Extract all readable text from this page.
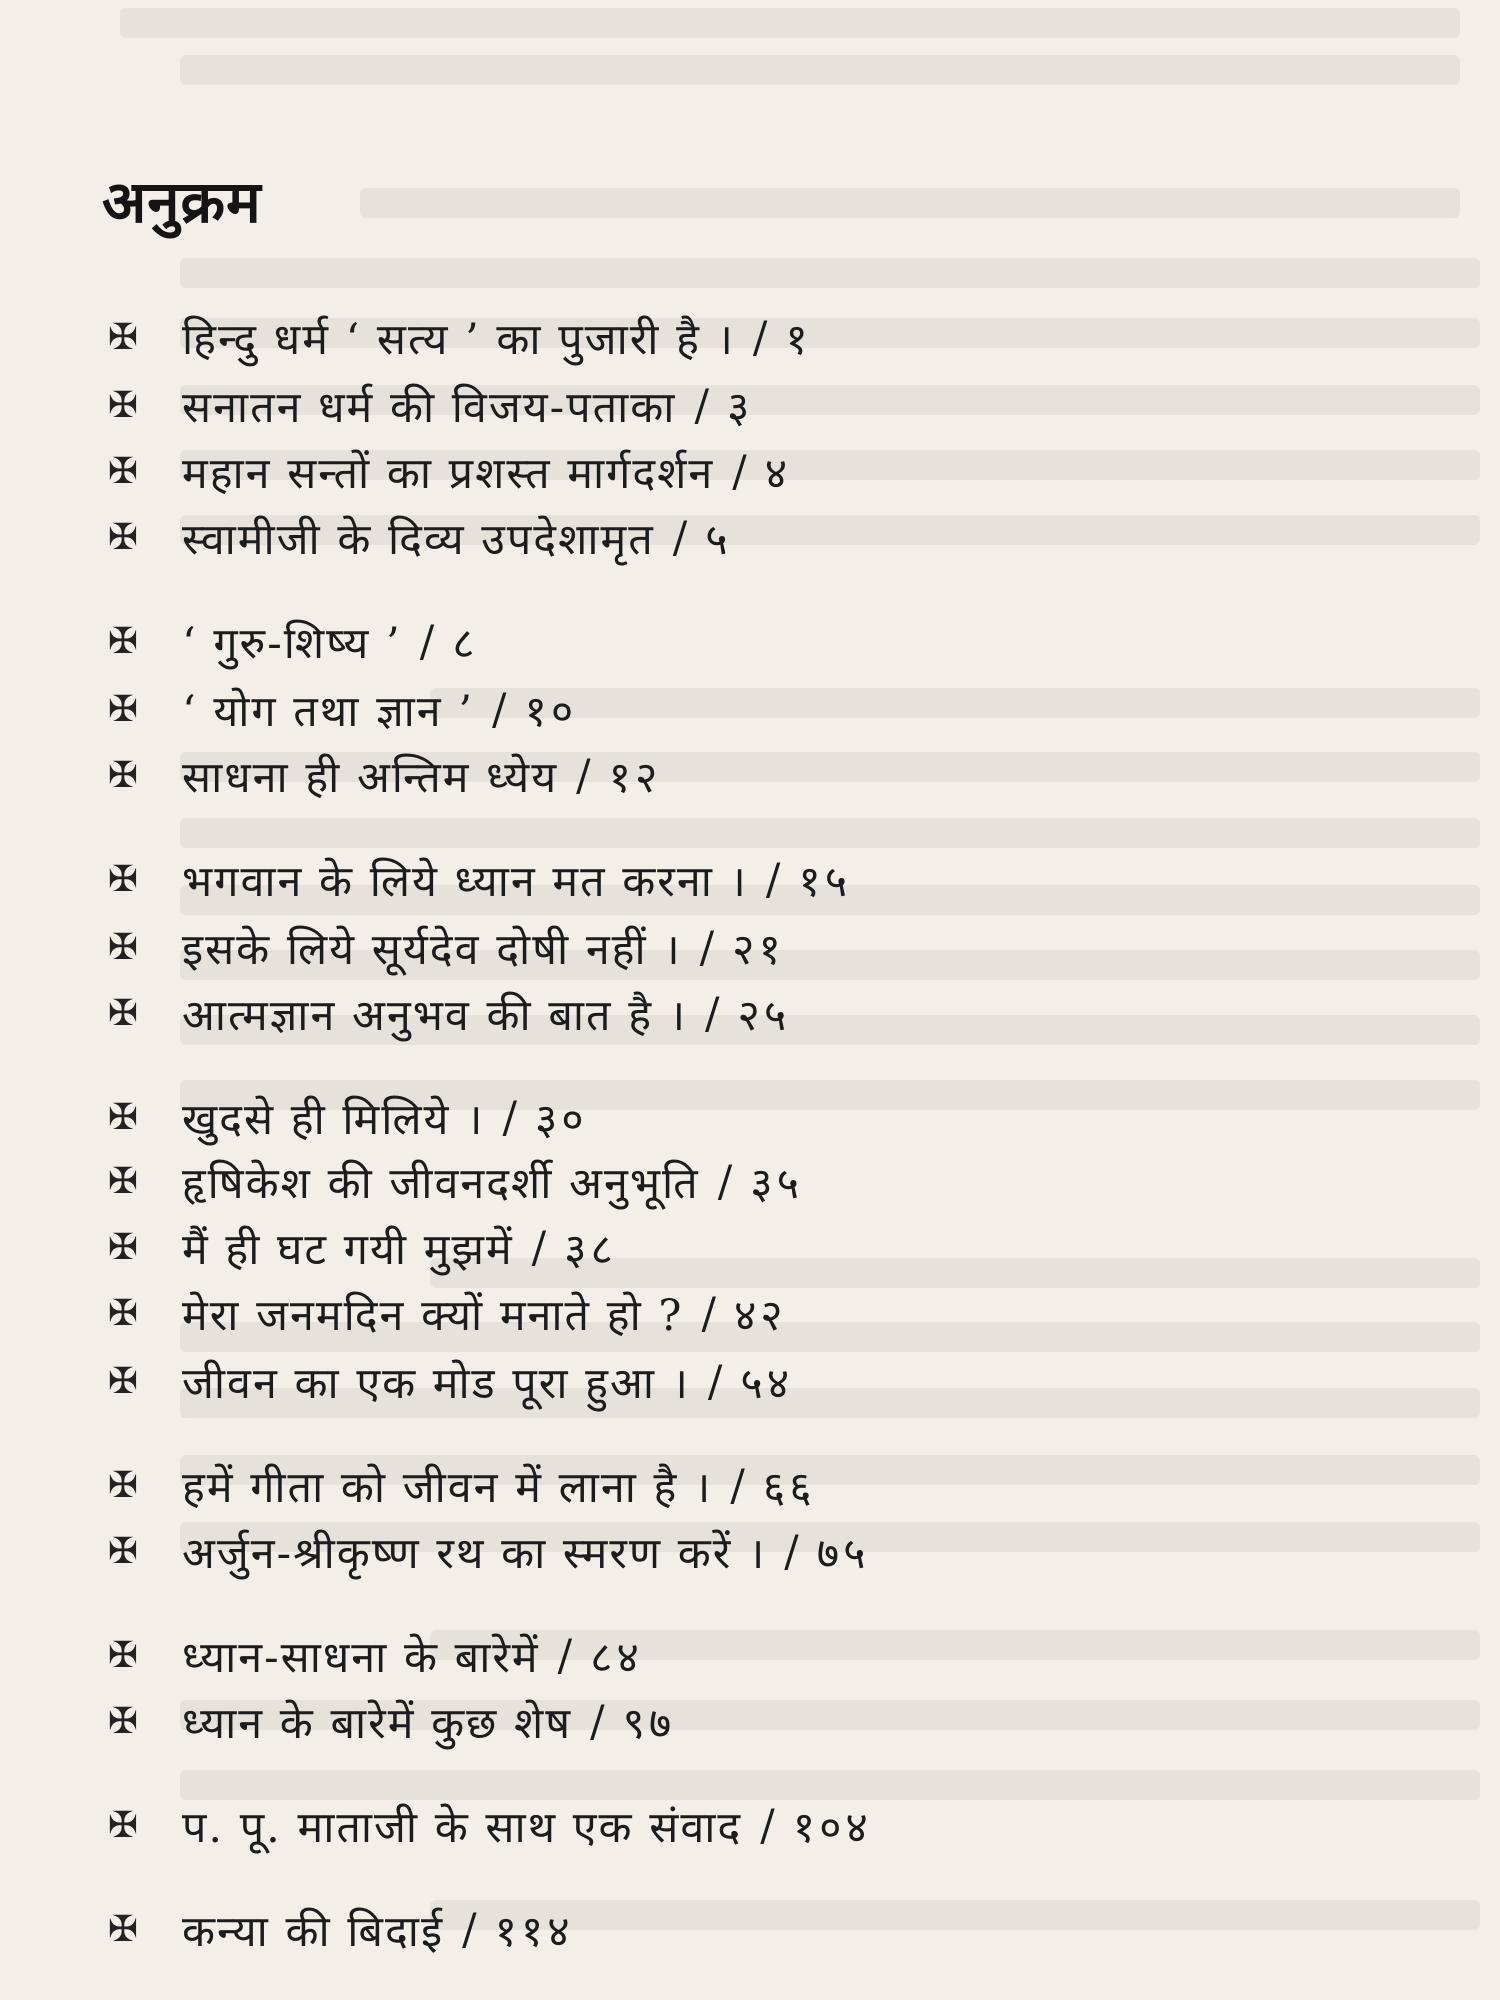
अनुक्रम
✠ हिन्दु धर्म ‘ सत्य ’ का पुजारी है । / १
✠ सनातन धर्म की विजय-पताका / ३
✠ महान सन्तों का प्रशस्त मार्गदर्शन / ४
✠ स्वामीजी के दिव्य उपदेशामृत / ५
✠ ‘ गुरु-शिष्य ’ / ८
✠ ‘ योग तथा ज्ञान ’ / १०
✠ साधना ही अन्तिम ध्येय / १२
✠ भगवान के लिये ध्यान मत करना । / १५
✠ इसके लिये सूर्यदेव दोषी नहीं । / २१
✠ आत्मज्ञान अनुभव की बात है । / २५
✠ खुदसे ही मिलिये । / ३०
✠ हृषिकेश की जीवनदर्शी अनुभूति / ३५
✠ मैं ही घट गयी मुझमें / ३८
✠ मेरा जनमदिन क्यों मनाते हो ? / ४२
✠ जीवन का एक मोड पूरा हुआ । / ५४
✠ हमें गीता को जीवन में लाना है । / ६६
✠ अर्जुन-श्रीकृष्ण रथ का स्मरण करें । / ७५
✠ ध्यान-साधना के बारेमें / ८४
✠ ध्यान के बारेमें कुछ शेष / ९७
✠ प. पू. माताजी के साथ एक संवाद / १०४
✠ कन्या की बिदाई / ११४
